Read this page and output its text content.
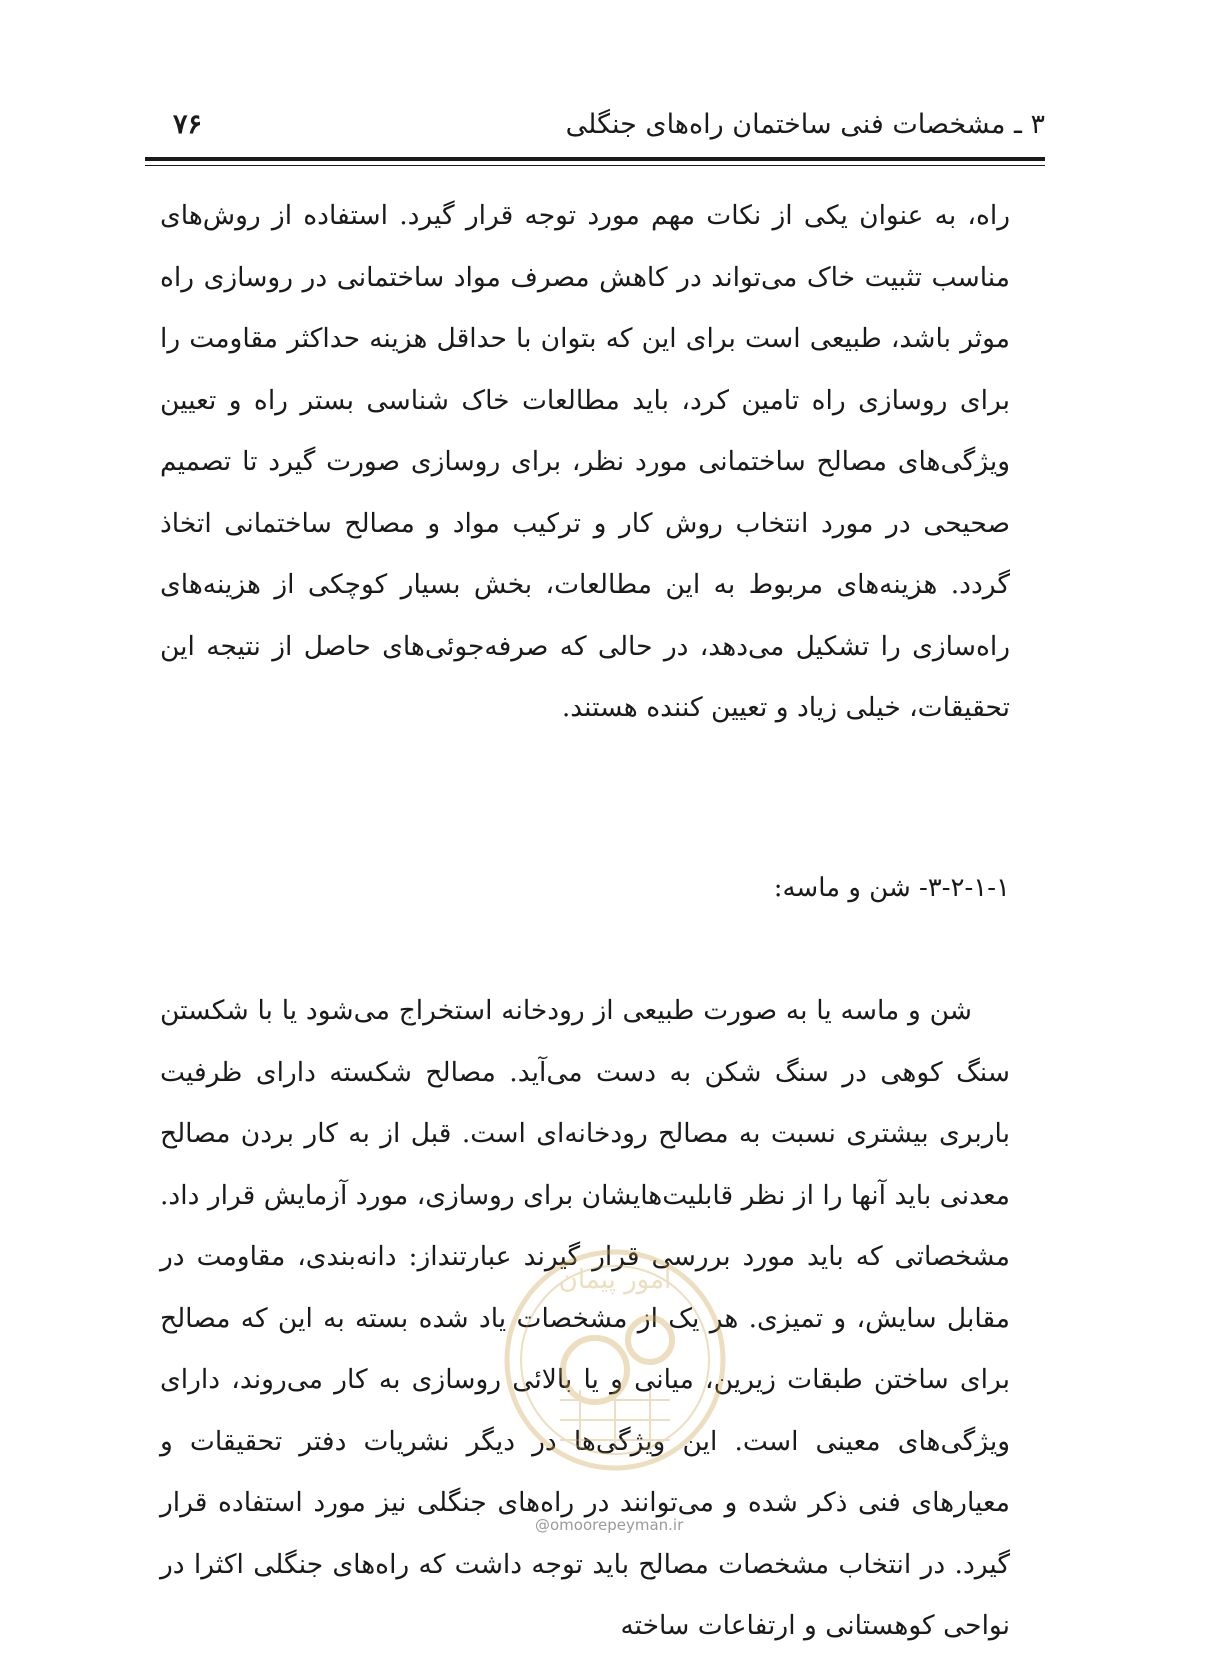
۳ ـ مشخصات فنی ساختمان راه‌های جنگلی
۷۶

راه، به عنوان یکی از نکات مهم مورد توجه قرار گیرد. استفاده از روش‌های مناسب تثبیت خاک می‌تواند در کاهش مصرف مواد ساختمانی در روسازی راه موثر باشد، طبیعی است برای این که بتوان با حداقل هزینه حداکثر مقاومت را برای روسازی راه تامین کرد، باید مطالعات خاک شناسی بستر راه و تعیین ویژگی‌های مصالح ساختمانی مورد نظر، برای روسازی صورت گیرد تا تصمیم صحیحی در مورد انتخاب روش کار و ترکیب مواد و مصالح ساختمانی اتخاذ گردد. هزینه‌های مربوط به این مطالعات، بخش بسیار کوچکی از هزینه‌های راه‌سازی را تشکیل می‌دهد، در حالی که صرفه‌جوئی‌های حاصل از نتیجه این تحقیقات، خیلی زیاد و تعیین کننده هستند.

۳-۲-۱-۱- شن و ماسه:

شن و ماسه یا به صورت طبیعی از رودخانه استخراج می‌شود یا با شکستن سنگ کوهی در سنگ شکن به دست می‌آید. مصالح شکسته دارای ظرفیت باربری بیشتری نسبت به مصالح رودخانه‌ای است. قبل از به کار بردن مصالح معدنی باید آنها را از نظر قابلیت‌هایشان برای روسازی، مورد آزمایش قرار داد. مشخصاتی که باید مورد بررسی قرار گیرند عبارتنداز: دانه‌بندی، مقاومت در مقابل سایش، و تمیزی. هر یک از مشخصات یاد شده بسته به این که مصالح برای ساختن طبقات زیرین، میانی و یا بالائی روسازی به کار می‌روند، دارای ویژگی‌های معینی است. این ویژگی‌ها در دیگر نشریات دفتر تحقیقات و معیارهای فنی ذکر شده و می‌توانند در راه‌های جنگلی نیز مورد استفاده قرار گیرد. در انتخاب مشخصات مصالح باید توجه داشت که راه‌های جنگلی اکثرا در نواحی کوهستانی و ارتفاعات ساخته

امور پیمان
@omoorepeyman.ir
